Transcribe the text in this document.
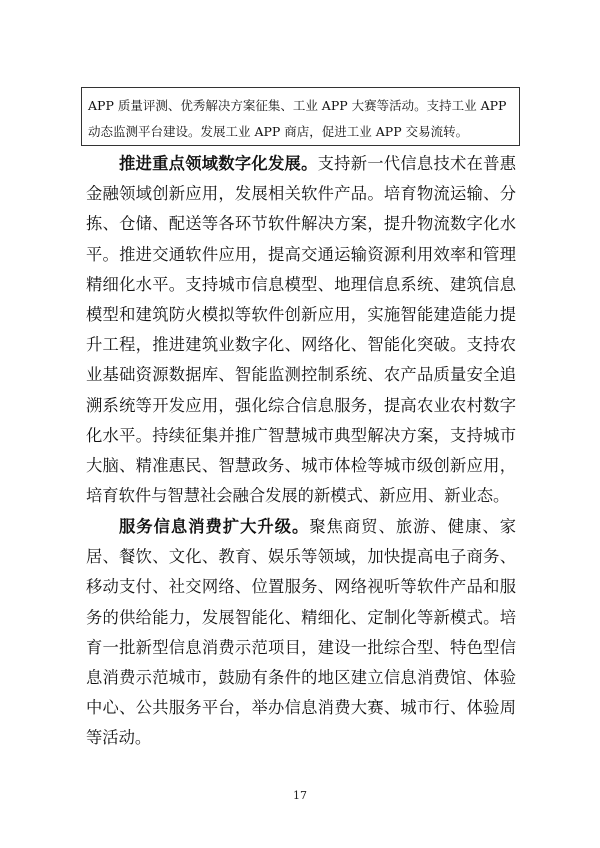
APP 质量评测、优秀解决方案征集、工业 APP 大赛等活动。支持工业 APP 动态监测平台建设。发展工业 APP 商店，促进工业 APP 交易流转。

推进重点领域数字化发展。支持新一代信息技术在普惠金融领域创新应用，发展相关软件产品。培育物流运输、分拣、仓储、配送等各环节软件解决方案，提升物流数字化水平。推进交通软件应用，提高交通运输资源利用效率和管理精细化水平。支持城市信息模型、地理信息系统、建筑信息模型和建筑防火模拟等软件创新应用，实施智能建造能力提升工程，推进建筑业数字化、网络化、智能化突破。支持农业基础资源数据库、智能监测控制系统、农产品质量安全追溯系统等开发应用，强化综合信息服务，提高农业农村数字化水平。持续征集并推广智慧城市典型解决方案，支持城市大脑、精准惠民、智慧政务、城市体检等城市级创新应用，培育软件与智慧社会融合发展的新模式、新应用、新业态。

服务信息消费扩大升级。聚焦商贸、旅游、健康、家居、餐饮、文化、教育、娱乐等领域，加快提高电子商务、移动支付、社交网络、位置服务、网络视听等软件产品和服务的供给能力，发展智能化、精细化、定制化等新模式。培育一批新型信息消费示范项目，建设一批综合型、特色型信息消费示范城市，鼓励有条件的地区建立信息消费馆、体验中心、公共服务平台，举办信息消费大赛、城市行、体验周等活动。

17
